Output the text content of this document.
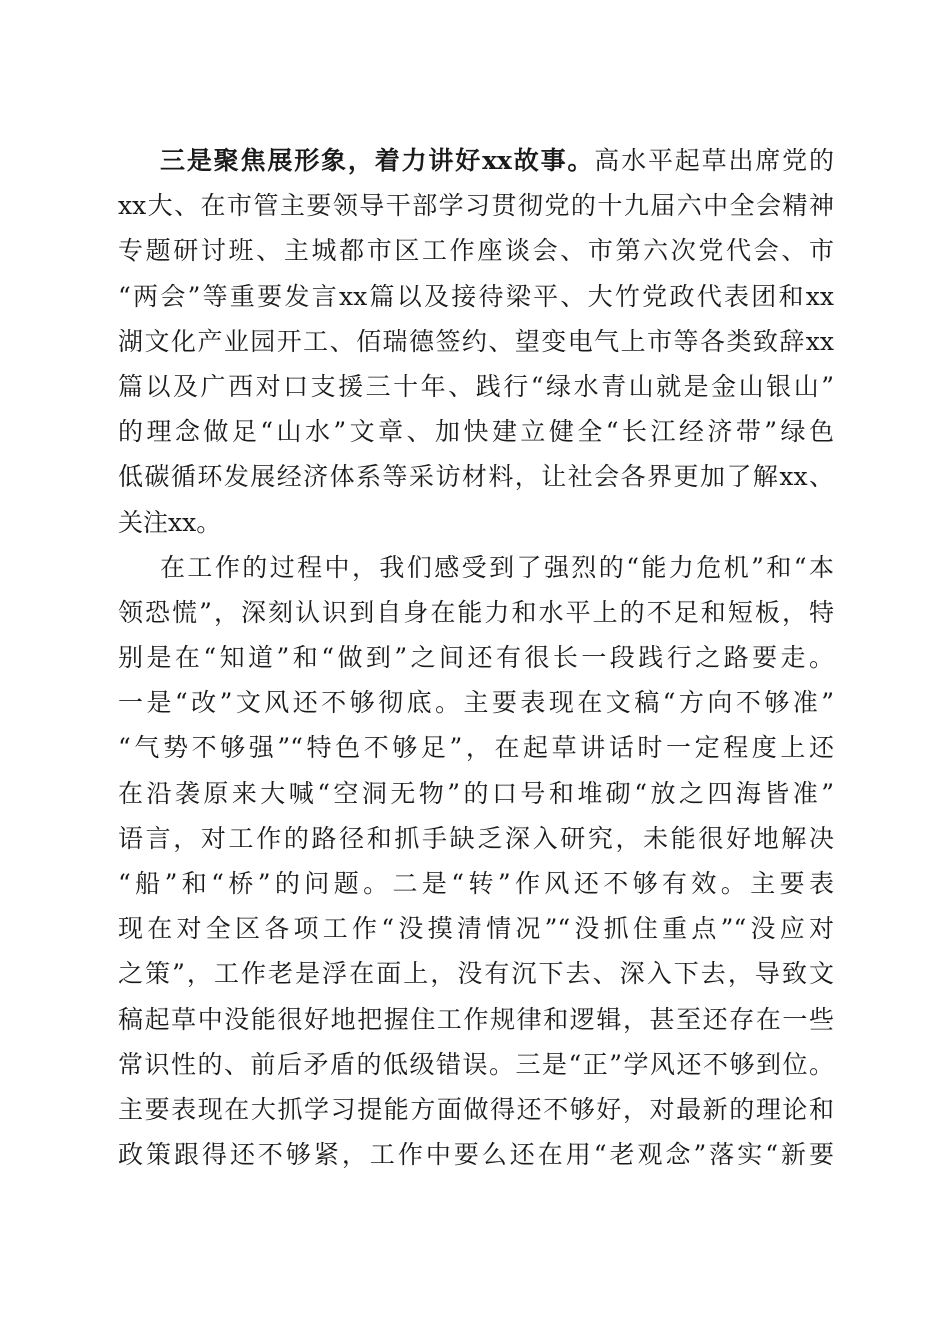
三是聚焦展形象，着力讲好xx故事。高水平起草出席党的
xx大、在市管主要领导干部学习贯彻党的十九届六中全会精神
专题研讨班、主城都市区工作座谈会、市第六次党代会、市
“两会”等重要发言xx篇以及接待梁平、大竹党政代表团和xx
湖文化产业园开工、佰瑞德签约、望变电气上市等各类致辞xx
篇以及广西对口支援三十年、践行“绿水青山就是金山银山”
的理念做足“山水”文章、加快建立健全“长江经济带”绿色
低碳循环发展经济体系等采访材料，让社会各界更加了解xx、
关注xx。
在工作的过程中，我们感受到了强烈的“能力危机”和“本
领恐慌”，深刻认识到自身在能力和水平上的不足和短板，特
别是在“知道”和“做到”之间还有很长一段践行之路要走。
一是“改”文风还不够彻底。主要表现在文稿“方向不够准”
“气势不够强”“特色不够足”，在起草讲话时一定程度上还
在沿袭原来大喊“空洞无物”的口号和堆砌“放之四海皆准”
语言，对工作的路径和抓手缺乏深入研究，未能很好地解决
“船”和“桥”的问题。二是“转”作风还不够有效。主要表
现在对全区各项工作“没摸清情况”“没抓住重点”“没应对
之策”，工作老是浮在面上，没有沉下去、深入下去，导致文
稿起草中没能很好地把握住工作规律和逻辑，甚至还存在一些
常识性的、前后矛盾的低级错误。三是“正”学风还不够到位。
主要表现在大抓学习提能方面做得还不够好，对最新的理论和
政策跟得还不够紧，工作中要么还在用“老观念”落实“新要
